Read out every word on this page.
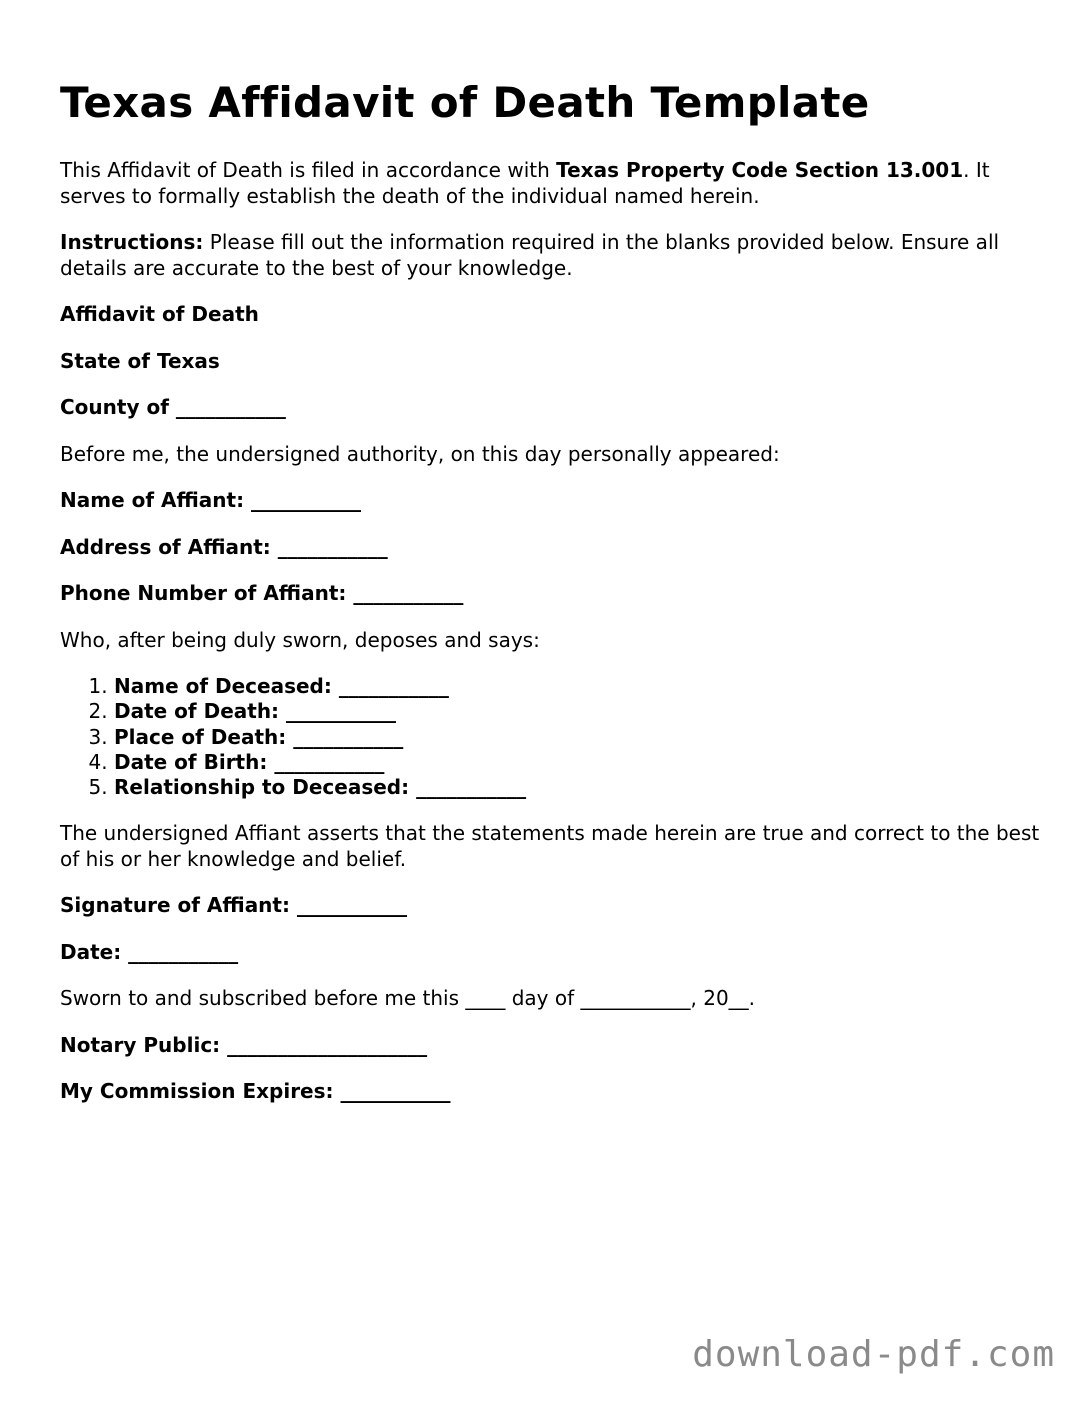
Texas Affidavit of Death Template

This Affidavit of Death is filed in accordance with Texas Property Code Section 13.001. It serves to formally establish the death of the individual named herein.

Instructions: Please fill out the information required in the blanks provided below. Ensure all details are accurate to the best of your knowledge.

Affidavit of Death

State of Texas

County of ___________

Before me, the undersigned authority, on this day personally appeared:

Name of Affiant: ___________

Address of Affiant: ___________

Phone Number of Affiant: ___________

Who, after being duly sworn, deposes and says:

1. Name of Deceased: ___________
2. Date of Death: ___________
3. Place of Death: ___________
4. Date of Birth: ___________
5. Relationship to Deceased: ___________

The undersigned Affiant asserts that the statements made herein are true and correct to the best of his or her knowledge and belief.

Signature of Affiant: ___________

Date: ___________

Sworn to and subscribed before me this ____ day of ___________, 20__.

Notary Public: ____________________

My Commission Expires: ___________

download-pdf.com
